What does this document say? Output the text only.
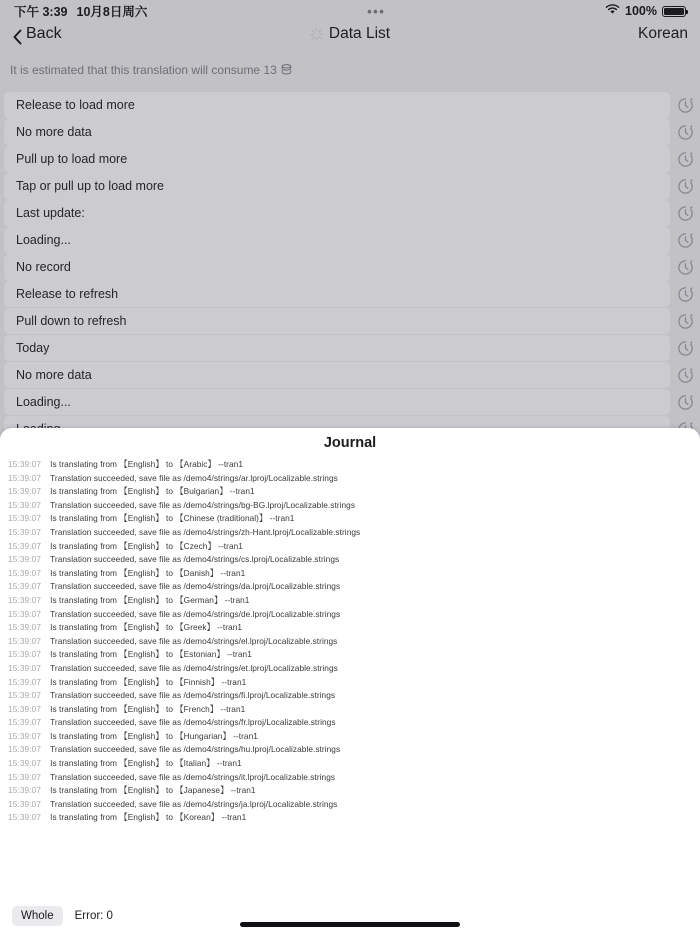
下午 3:39 10月8日周六	•••	100%
Back	Data List	Korean
It is estimated that this translation will consume 13
Release to load more
No more data
Pull up to load more
Tap or pull up to load more
Last update:
Loading...
No record
Release to refresh
Pull down to refresh
Today
No more data
Loading...
Journal
15:39:07 Is translating from 【English】 to 【Arabic】 --tran1
15:39:07 Translation succeeded, save file as /demo4/strings/ar.lproj/Localizable.strings
15:39:07 Is translating from 【English】 to 【Bulgarian】 --tran1
15:39:07 Translation succeeded, save file as /demo4/strings/bg-BG.lproj/Localizable.strings
15:39:07 Is translating from 【English】 to 【Chinese (traditional)】 --tran1
15:39:07 Translation succeeded, save file as /demo4/strings/zh-Hant.lproj/Localizable.strings
15:39:07 Is translating from 【English】 to 【Czech】 --tran1
15:39:07 Translation succeeded, save file as /demo4/strings/cs.lproj/Localizable.strings
15:39:07 Is translating from 【English】 to 【Danish】 --tran1
15:39:07 Translation succeeded, save file as /demo4/strings/da.lproj/Localizable.strings
15:39:07 Is translating from 【English】 to 【German】 --tran1
15:39:07 Translation succeeded, save file as /demo4/strings/de.lproj/Localizable.strings
15:39:07 Is translating from 【English】 to 【Greek】 --tran1
15:39:07 Translation succeeded, save file as /demo4/strings/el.lproj/Localizable.strings
15:39:07 Is translating from 【English】 to 【Estonian】 --tran1
15:39:07 Translation succeeded, save file as /demo4/strings/et.lproj/Localizable.strings
15:39:07 Is translating from 【English】 to 【Finnish】 --tran1
15:39:07 Translation succeeded, save file as /demo4/strings/fi.lproj/Localizable.strings
15:39:07 Is translating from 【English】 to 【French】 --tran1
15:39:07 Translation succeeded, save file as /demo4/strings/fr.lproj/Localizable.strings
15:39:07 Is translating from 【English】 to 【Hungarian】 --tran1
15:39:07 Translation succeeded, save file as /demo4/strings/hu.lproj/Localizable.strings
15:39:07 Is translating from 【English】 to 【Italian】 --tran1
15:39:07 Translation succeeded, save file as /demo4/strings/it.lproj/Localizable.strings
15:39:07 Is translating from 【English】 to 【Japanese】 --tran1
15:39:07 Translation succeeded, save file as /demo4/strings/ja.lproj/Localizable.strings
15:39:07 Is translating from 【English】 to 【Korean】 --tran1
Whole	Error: 0
